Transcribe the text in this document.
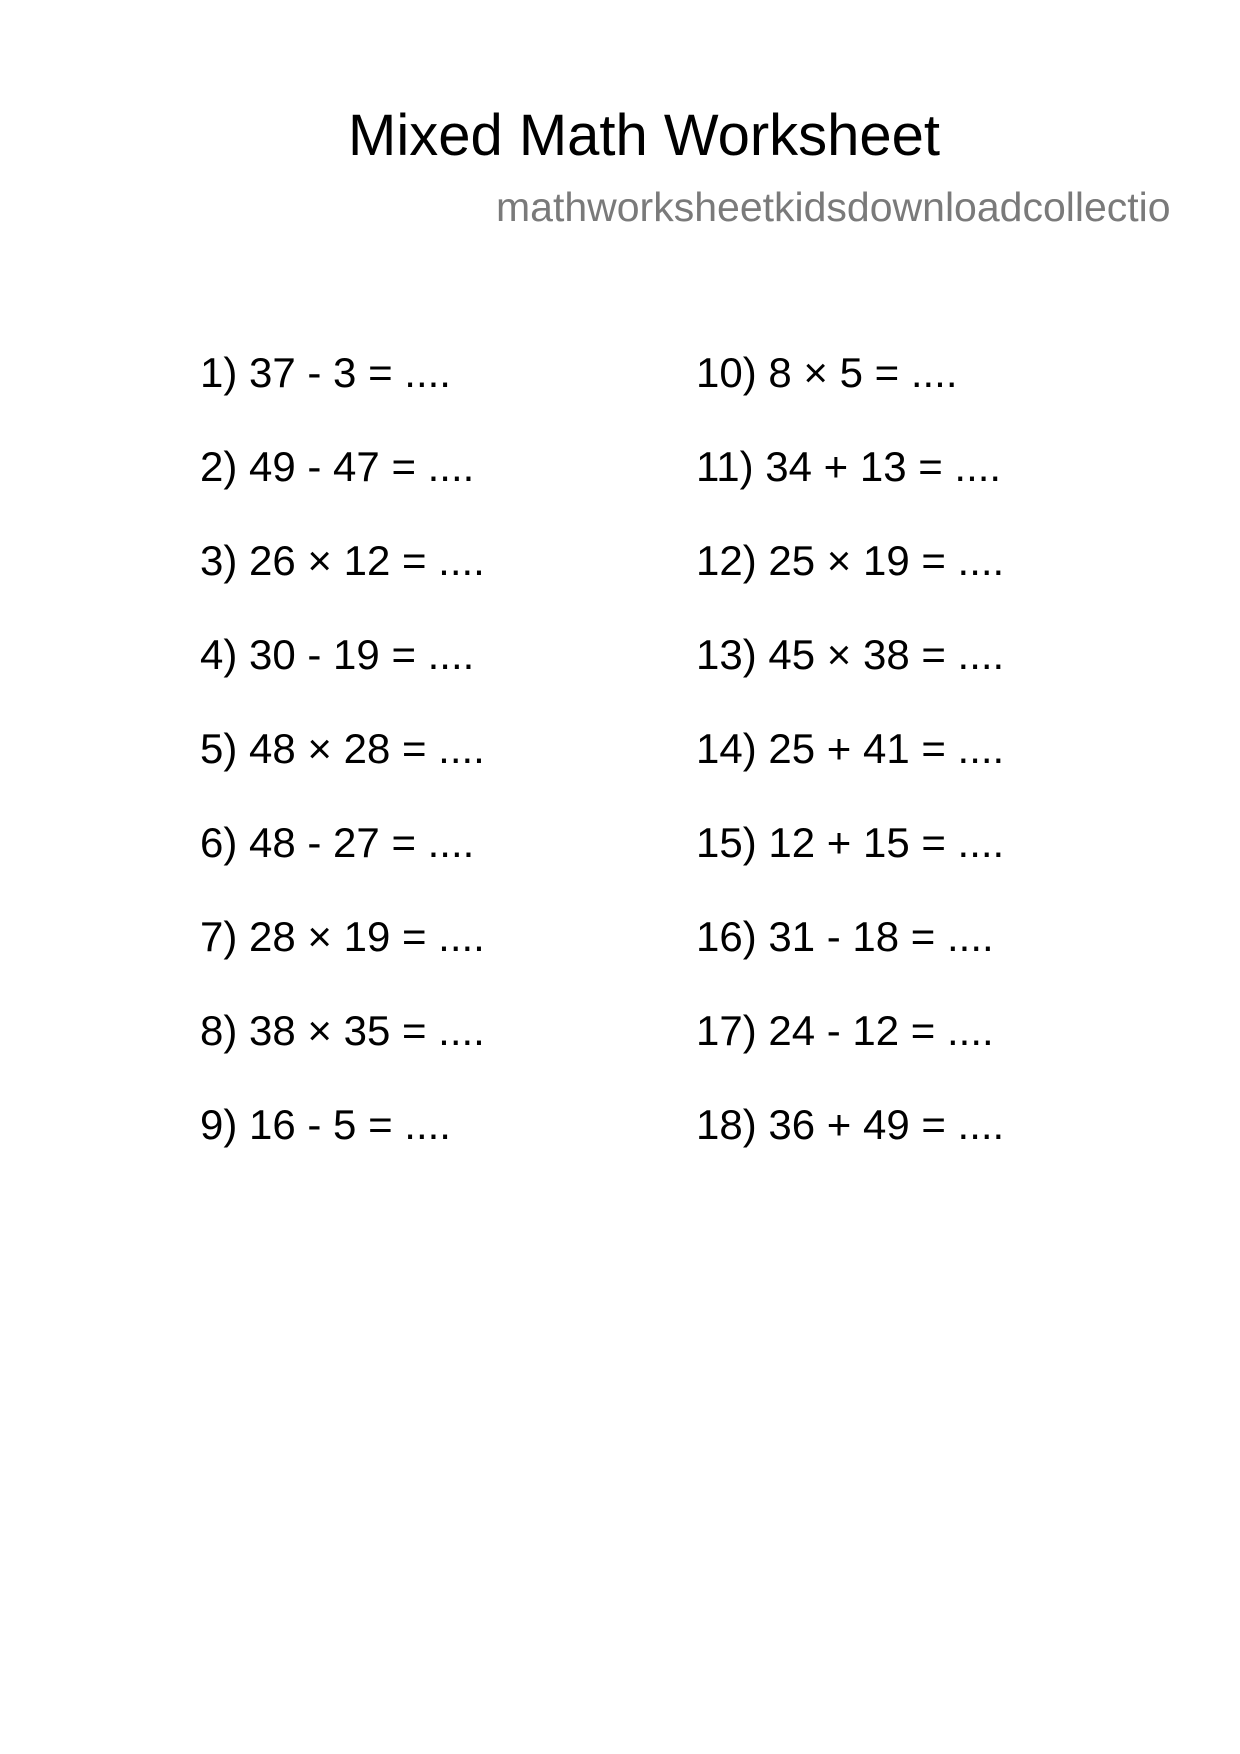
Mixed Math Worksheet
mathworksheetkidsdownloadcollectio
1) 37 - 3 = ....
2) 49 - 47 = ....
3) 26 × 12 = ....
4) 30 - 19 = ....
5) 48 × 28 = ....
6) 48 - 27 = ....
7) 28 × 19 = ....
8) 38 × 35 = ....
9) 16 - 5 = ....
10) 8 × 5 = ....
11) 34 + 13 = ....
12) 25 × 19 = ....
13) 45 × 38 = ....
14) 25 + 41 = ....
15) 12 + 15 = ....
16) 31 - 18 = ....
17) 24 - 12 = ....
18) 36 + 49 = ....
